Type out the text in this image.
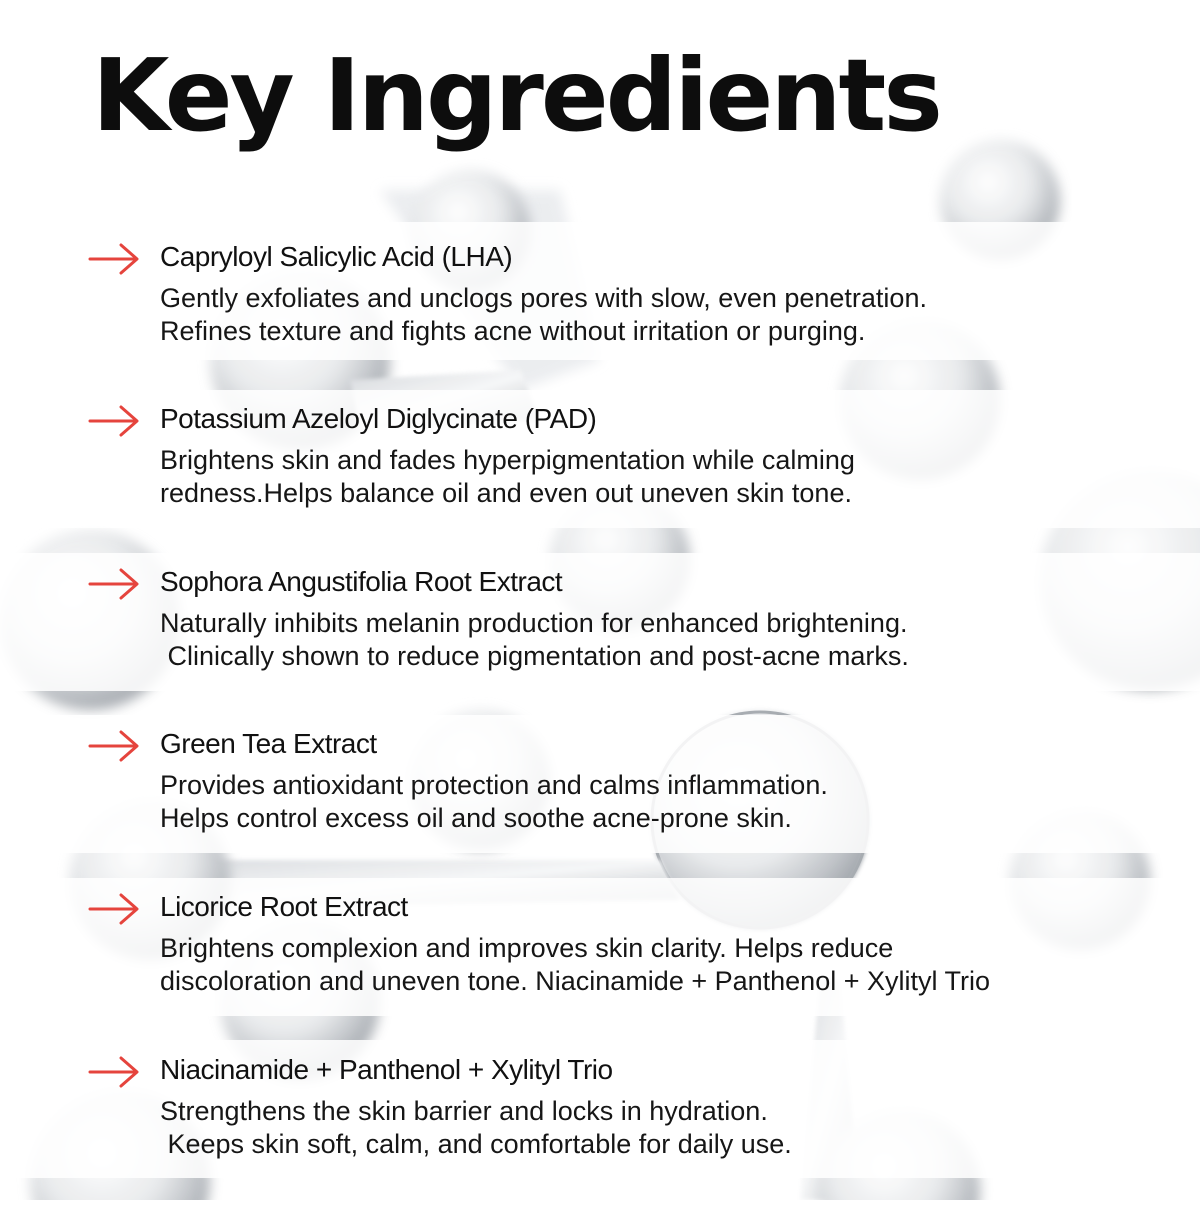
Key Ingredients
Capryloyl Salicylic Acid (LHA)

Gently exfoliates and unclogs pores with slow, even penetration.
Refines texture and fights acne without irritation or purging.

Potassium Azeloyl Diglycinate (PAD)

Brightens skin and fades hyperpigmentation while calming
redness.Helps balance oil and even out uneven skin tone.

Sophora Angustifolia Root Extract

Naturally inhibits melanin production for enhanced brightening.
Clinically shown to reduce pigmentation and post-acne marks.

Green Tea Extract

Provides antioxidant protection and calms inflammation.
Helps control excess oil and soothe acne-prone skin.

Licorice Root Extract

Brightens complexion and improves skin clarity. Helps reduce
discoloration and uneven tone. Niacinamide + Panthenol + Xylityl Trio

Niacinamide + Panthenol + Xylityl Trio

Strengthens the skin barrier and locks in hydration.
Keeps skin soft, calm, and comfortable for daily use.
